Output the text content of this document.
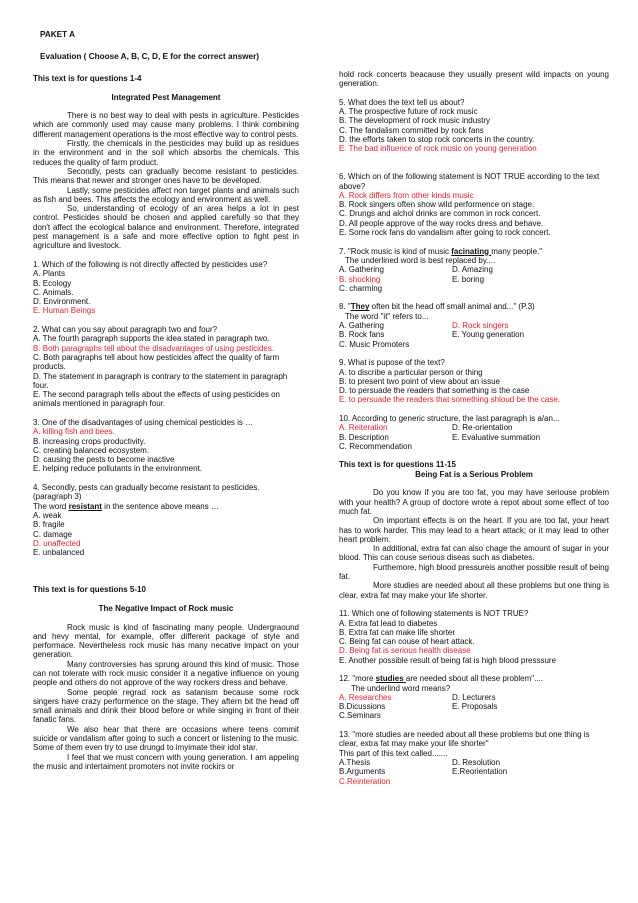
PAKET A
Evaluation ( Choose A, B, C, D, E for the correct answer)
This text is for questions 1-4
Integrated Pest Management
There is no best way to deal with pests in agriculture. Pesticides which are commonly used may cause many problems. I think combining different management operations is the most effective way to control pests.
Firstly, the chemicals in the pesticides may build up as residues in the environment and in the soil which absorbs the chemicals. This reduces the quality of farm product.
Secondly, pests can gradually become resistant to pesticides. This means that newer and stronger ones have to be developed.
Lastly, some pesticides affect non target plants and animals such as fish and bees. This affects the ecology and environment as well.
So, understanding of ecology of an area helps a lot in pest control. Pesticides should be chosen and applied carefully so that they don't affect the ecological balance and environment. Therefore, integrated pest management is a safe and more effective option to fight pest in agriculture and livestock.
1. Which of the following is not directly affected by pesticides use?
A. Plants
B. Ecology
C. Animals.
D. Environment.
E. Human Beings
2. What can you say about paragraph two and four?
A. The fourth paragraph supports the idea stated in paragraph two.
B. Both paragraphs tell about the disadvantages of using pesticides.
C. Both paragraphs tell about how pesticides affect the quality of farm products.
D. The statement in paragraph is contrary to the statement in paragraph four.
E. The second paragraph tells about the effects of using pesticides on animals mentioned in paragraph four.
3. One of the disadvantages of using chemical pesticides is …
A. killing fish and bees.
B. increasing crops productivity.
C. creating balanced ecosystem.
D. causing the pests to become inactive
E. helping reduce pollutants in the environment.
4. Secondly, pests can gradually become resistant to pesticides.
(paragraph 3)
The word resistant in the sentence above means …
A. weak
B. fragile
C. damage
D. unaffected
E. unbalanced
This text is for questions 5-10
The Negative Impact of Rock music
Rock music is kind of fascinating many people. Undergraound and hevy mental, for example, offer different package of style and performace. Nevertheless rock music has many necative impact on your generation.
Many controversies has sprung around this kind of music. Those can not tolerate with rock music consider it a negative influence on young people and others do not approve of the way rockers dress and behave.
Some people regrad rock as satanism because some rock singers have crazy performence on the stage. They aftern bit the head off small animals and drink their blood before or while singing in front of their fanatic fans.
We also hear that there are occasions where teens commit suicide or vandalism after going to such a concert or listening to the music. Some of them even try to use drungd to imyimate their idol star.
I feel that we must concern with young generation. I am appeling the music and intertaiment promoters not invite rockirs or
hold rock concerts beacause they usually present wild impacts on young generation.
5. What does the text tell us about?
A. The prospective future of rock music
B. The development of rock music industry
C. The fandalism committed by rock fans
D. the efforts taken to stop rock concerts in the country.
E. The bad influence of rock music on young generation
6. Which on of the following statement is NOT TRUE according to the text above?
A. Rock differs from other kinds music
B. Rock singers often show wild performence on stage.
C. Drungs and alchol drinks are common in rock concert.
D. All people approve of the way rocks dress and behave.
E. Some rock fans do vandalism after going to rock concert.
7. "Rock music is kind of music facinating many people."
The underlined word is best replaced by....
A. Gathering	D. Amazing
B. shocking	E. boring
C. charming
8. "They often bit the head off small animal and..." (P.3)
The word "it" refers to...
A. Gathering	D. Rock singers
B. Rock fans	E. Young generation
C. Music Promoters
9. What is pupose of the text?
A. to discribe a particular person or thing
B. to present two point of view about an issue
D. to persuade the readers that something is the case
E. to persuade the readers that something shloud be the case.
10. According to generic structure, the last paragraph is a/an...
A. Reiteration	D. Re-orientation
B. Description	E. Evaluative summation
C. Recommendation
This text is for questions 11-15
Being Fat is a Serious Problem
Do you know if you are too fat, you may have seriouse problem with your health? A group of doctore wrote a repot about some effect of too much fat.
On important effects is on the heart. If you are too fat, your heart has to work harder. This may lead to a heart attack; or it may lead to other heart problem.
In additional, extra fat can also chage the amount of sugar in your blood. This can couse serious diseas such as diabetes.
Furthemore, high blood pressureis another possible result of being fat.
More studies are needed about all these problems but one thing is clear, extra fat may make your life shorter.
11. Which one of following statements is NOT TRUE?
A. Extra fat lead to diabetes
B. Extra fat can make life shorter
C. Being fat can couse of heart attack.
D. Being fat is serious health disease
E. Another possible result of being fat is high blood presssure
12. "more studies are needed sbout all these problem"....
The underlind word means?
A. Researches	D. Lecturers
B.Dicussions	E. Proposals
C.Seminars
13. "more studies are needed about all these problems but one thing is clear, extra fat may make your life shorter"
This part of this text called.......
A.Thesis	D. Resolution
B.Arguments	E.Reorientation
C.Reinteration
